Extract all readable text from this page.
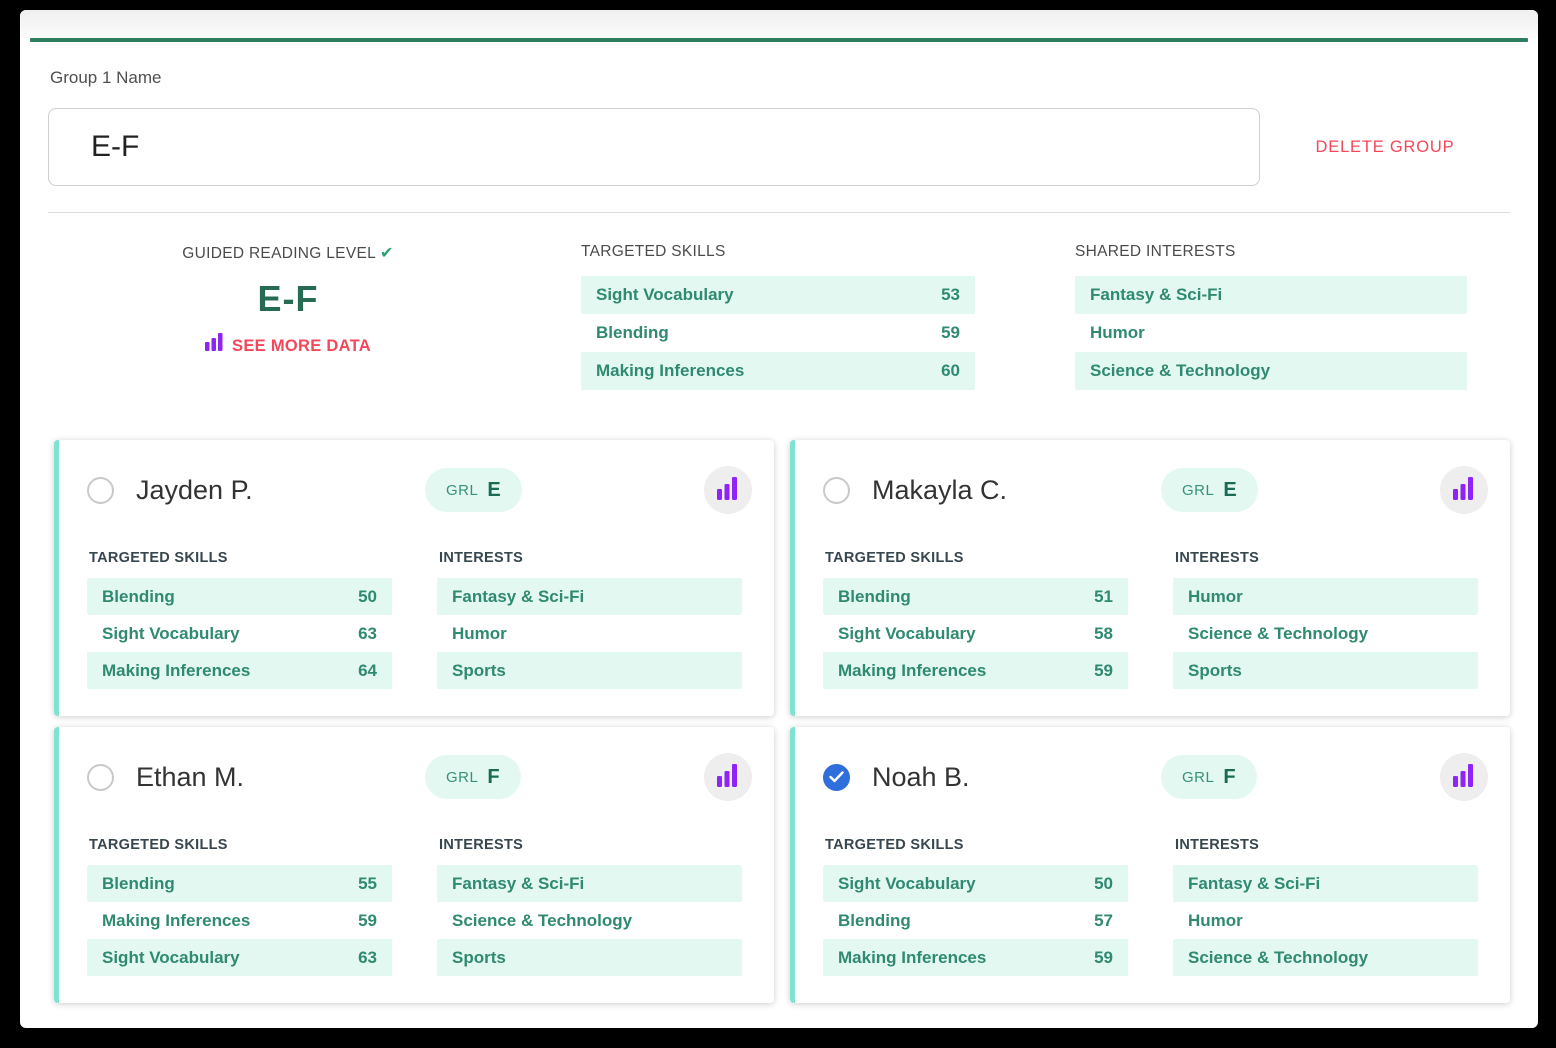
Group 1 Name
E-F
DELETE GROUP
GUIDED READING LEVEL ✔
E-F
SEE MORE DATA
TARGETED SKILLS
Sight Vocabulary	53
Blending	59
Making Inferences	60
SHARED INTERESTS
Fantasy & Sci-Fi
Humor
Science & Technology
Jayden P.	GRL E
TARGETED SKILLS
Blending	50
Sight Vocabulary	63
Making Inferences	64
INTERESTS
Fantasy & Sci-Fi
Humor
Sports
Makayla C.	GRL E
TARGETED SKILLS
Blending	51
Sight Vocabulary	58
Making Inferences	59
INTERESTS
Humor
Science & Technology
Sports
Ethan M.	GRL F
TARGETED SKILLS
Blending	55
Making Inferences	59
Sight Vocabulary	63
INTERESTS
Fantasy & Sci-Fi
Science & Technology
Sports
Noah B.	GRL F
TARGETED SKILLS
Sight Vocabulary	50
Blending	57
Making Inferences	59
INTERESTS
Fantasy & Sci-Fi
Humor
Science & Technology
